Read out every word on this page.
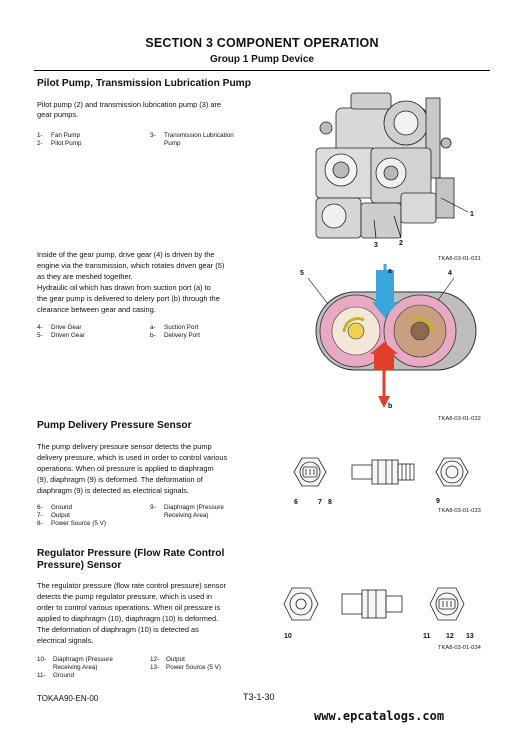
SECTION 3 COMPONENT OPERATION
Group 1 Pump Device
Pilot Pump, Transmission Lubrication Pump
Pilot pump (2) and transmission lubrication pump (3) are
gear pumps.
1- Fan Pump
2- Pilot Pump
3- Transmission Lubrication
Pump
1
2
3
TKA8-03-01-031
Inside of the gear pump, drive gear (4) is driven by the
engine via the transmission, which rotates driven gear (5)
as they are meshed together.
Hydraulic oil which has drawn from suction port (a) to
the gear pump is delivered to delery port (b) through the
clearance between gear and casing.
4- Drive Gear
5- Driven Gear
a- Suction Port
b- Delivery Port
a	4
5
b
TKA8-03-01-032
Pump Delivery Pressure Sensor
The pump delivery pressure sensor detects the pump
delivery pressure, which is used in order to control various
operations. When oil pressure is applied to diaphragm
(9), diaphragm (9) is deformed. The deformation of
diaphragm (9) is detected as electrical signals.
6- Ground
7- Output
8- Power Source (5 V)
9- Diaphragm (Pressure
Receiving Area)
6	7 8	9
TKA8-03-01-033
Regulator Pressure (Flow Rate Control
Pressure) Sensor
The regulator pressure (flow rate control pressure) sensor
detects the pump regulator pressure, which is used in
order to control various operations. When oil pressure is
applied to diaphragm (10), diaphragm (10) is deformed.
The deformation of diaphragm (10) is detected as
electrical signals.
10- Diaphragm (Pressure
Receiving Area)
11- Ground
12- Output
13- Power Source (5 V)
10	11 12 13
TKA8-03-01-034
TOKAA90-EN-00	T3-1-30
www.epcatalogs.com
